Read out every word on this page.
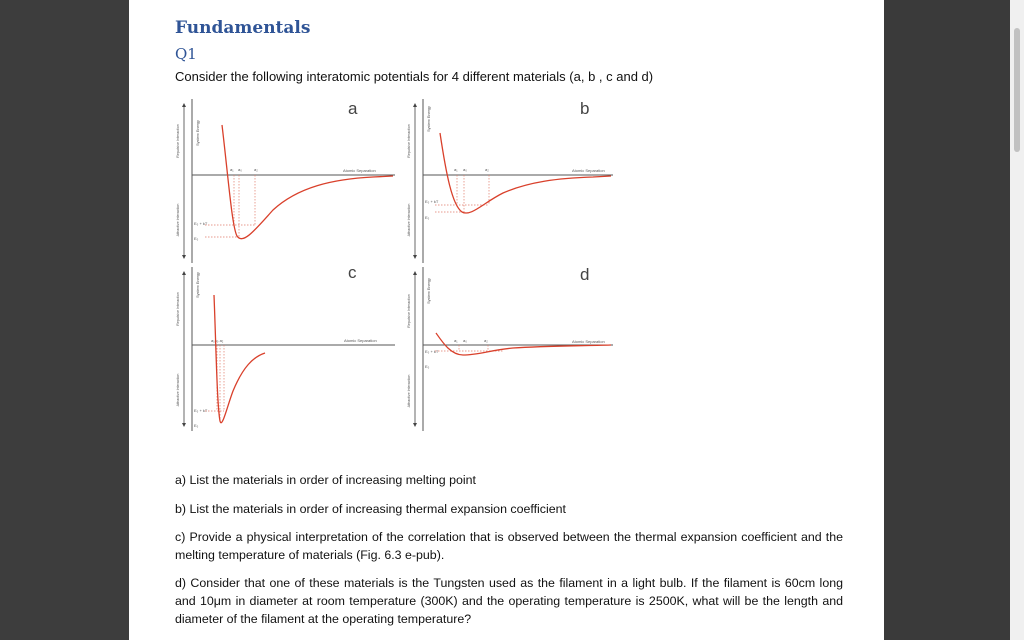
Fundamentals
Q1
Consider the following interatomic potentials for 4 different materials (a, b , c and d)
System Energy
Repulsive Interaction
Attractive Interaction
a
Atomic Separation
a₁ a₀	a₂
E₀ + kT
E₀
System Energy
Repulsive Interaction
Attractive Interaction
b
Atomic Separation
a₁ a₀	a₂
E₀ + kT
E₀
System Energy
Repulsive Interaction
Attractive Interaction
c
Atomic Separation
a₁a₀ a₂
E₀ + kT
E₀
System Energy
Repulsive Interaction
Attractive Interaction
d
Atomic Separation
a₁ a₀	a₂
E₀ + kT
E₀
a) List the materials in order of increasing melting point
b) List the materials in order of increasing thermal expansion coefficient
c) Provide a physical interpretation of the correlation that is observed between the thermal expansion coefficient and the melting temperature of materials (Fig. 6.3 e-pub).
d) Consider that one of these materials is the Tungsten used as the filament in a light bulb. If the filament is 60cm long and 10μm in diameter at room temperature (300K) and the operating temperature is 2500K, what will be the length and diameter of the filament at the operating temperature?
